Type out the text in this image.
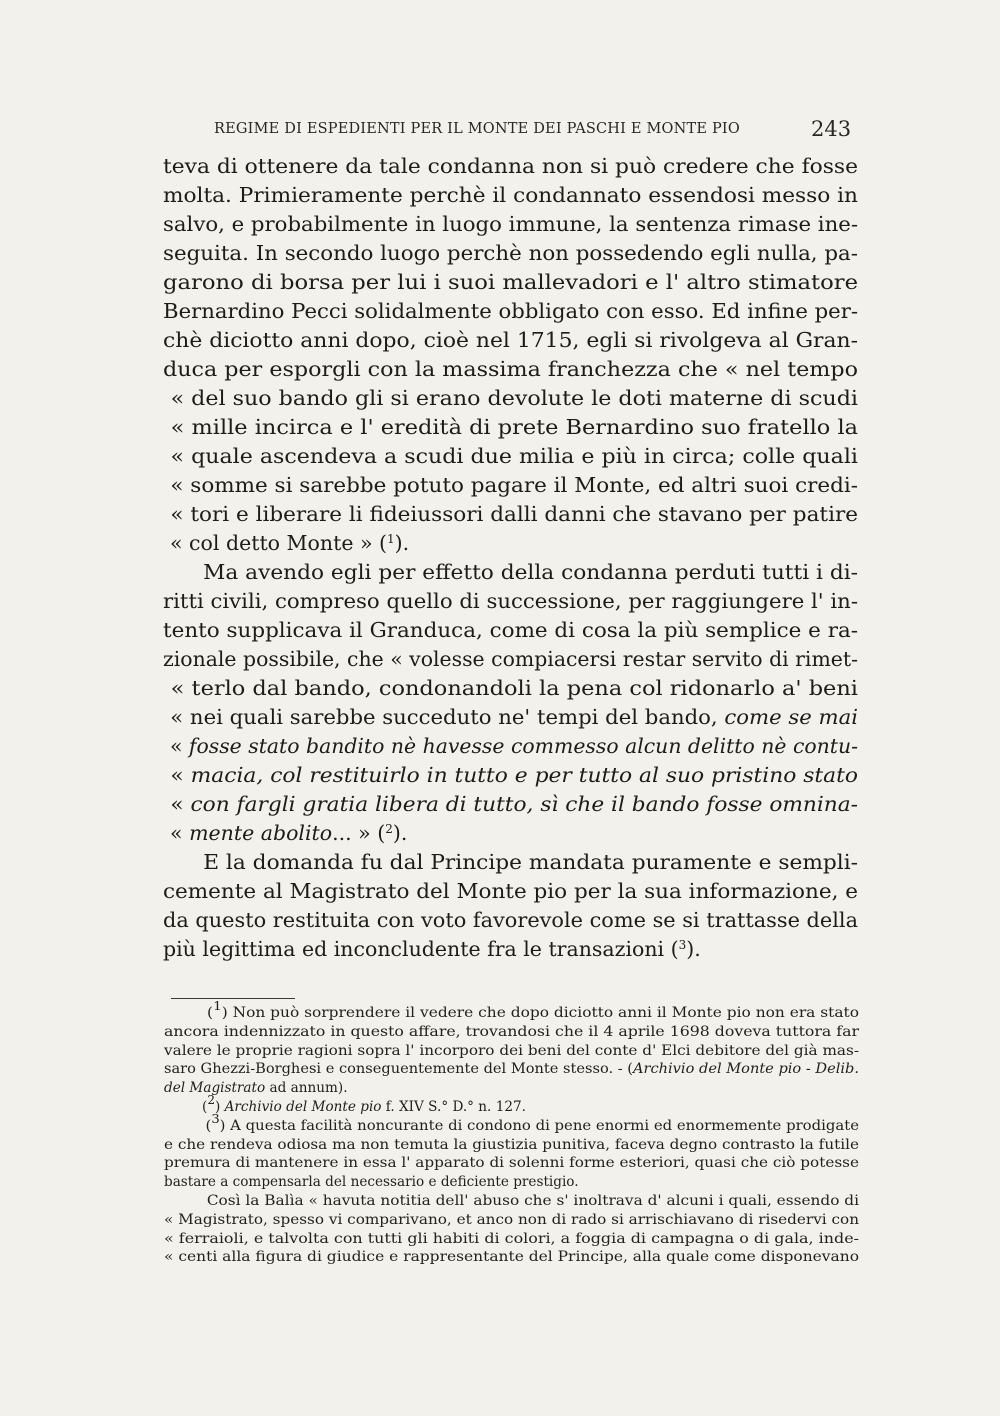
REGIME DI ESPEDIENTI PER IL MONTE DEI PASCHI E MONTE PIO	243
teva di ottenere da tale condanna non si può credere che fosse
molta. Primieramente perchè il condannato essendosi messo in
salvo, e probabilmente in luogo immune, la sentenza rimase ine-
seguita. In secondo luogo perchè non possedendo egli nulla, pa-
garono di borsa per lui i suoi mallevadori e l' altro stimatore
Bernardino Pecci solidalmente obbligato con esso. Ed infine per-
chè diciotto anni dopo, cioè nel 1715, egli si rivolgeva al Gran-
duca per esporgli con la massima franchezza che « nel tempo
« del suo bando gli si erano devolute le doti materne di scudi
« mille incirca e l' eredità di prete Bernardino suo fratello la
« quale ascendeva a scudi due milia e più in circa; colle quali
« somme si sarebbe potuto pagare il Monte, ed altri suoi credi-
« tori e liberare li fideiussori dalli danni che stavano per patire
« col detto Monte » ($^1$).
Ma avendo egli per effetto della condanna perduti tutti i di-
ritti civili, compreso quello di successione, per raggiungere l' in-
tento supplicava il Granduca, come di cosa la più semplice e ra-
zionale possibile, che « volesse compiacersi restar servito di rimet-
« terlo dal bando, condonandoli la pena col ridonarlo a' beni
« nei quali sarebbe succeduto ne' tempi del bando, come se mai
« fosse stato bandito nè havesse commesso alcun delitto nè contu-
« macia, col restituirlo in tutto e per tutto al suo pristino stato
« con fargli gratia libera di tutto, sì che il bando fosse omnina-
« mente abolito... » ($^2$).
E la domanda fu dal Principe mandata puramente e sempli-
cemente al Magistrato del Monte pio per la sua informazione, e
da questo restituita con voto favorevole come se si trattasse della
più legittima ed inconcludente fra le transazioni ($^3$).
($^1$) Non può sorprendere il vedere che dopo diciotto anni il Monte pio non era stato
ancora indennizzato in questo affare, trovandosi che il 4 aprile 1698 doveva tuttora far
valere le proprie ragioni sopra l' incorporo dei beni del conte d' Elci debitore del già mas-
saro Ghezzi-Borghesi e conseguentemente del Monte stesso. - (Archivio del Monte pio - Delib.
del Magistrato ad annum).
($^2$) Archivio del Monte pio f. XIV S.° D.° n. 127.
($^3$) A questa facilità noncurante di condono di pene enormi ed enormemente prodigate
e che rendeva odiosa ma non temuta la giustizia punitiva, faceva degno contrasto la futile
premura di mantenere in essa l' apparato di solenni forme esteriori, quasi che ciò potesse
bastare a compensarla del necessario e deficiente prestigio.
Così la Balìa « havuta notitia dell' abuso che s' inoltrava d' alcuni i quali, essendo di
« Magistrato, spesso vi comparivano, et anco non di rado si arrischiavano di risedervi con
« ferraioli, e talvolta con tutti gli habiti di colori, a foggia di campagna o di gala, inde-
« centi alla figura di giudice e rappresentante del Principe, alla quale come disponevano
